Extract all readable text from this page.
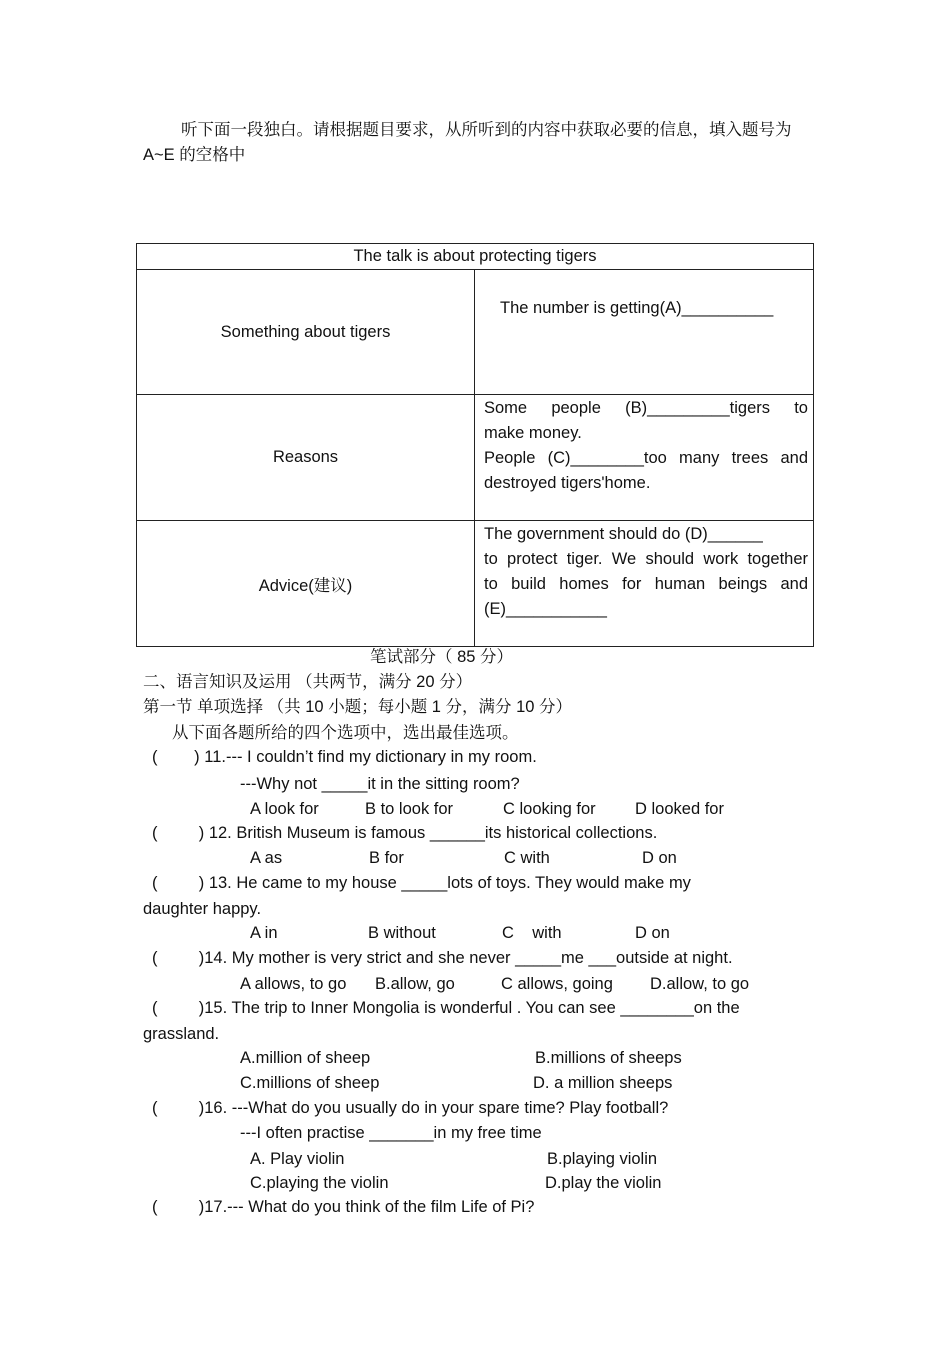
听下面一段独白。请根据题目要求，从所听到的内容中获取必要的信息，填入题号为
A~E 的空格中
The talk is about protecting tigers	
Something about tigers	The number is getting(A)__________
Reasons	Some people (B)_________tigers to
make money.
People (C)________too many trees and
destroyed tigers'home.

Advice(建议)	The government should do (D)______
to protect tiger. We should work together
to build homes for human beings and
(E)___________
笔试部分（ 85 分）
二、语言知识及运用 （共两节，满分 20 分）
第一节 单项选择 （共 10 小题；每小题 1 分，满分 10 分）
从下面各题所给的四个选项中，选出最佳选项。
(        ) 11.--- I couldn’t find my dictionary in my room.
---Why not _____it in the sitting room?
A look for	B to look for	C looking for D looked for
(         ) 12. British Museum is famous ______its historical collections.
A as	B for	C with	D on
(         ) 13. He came to my house _____lots of toys. They would make my
daughter happy.
A in	B without	C    with	D on
(         )14. My mother is very strict and she never _____me ___outside at night.
A allows, to go B.allow, go	C allows, going D.allow, to go
(         )15. The trip to Inner Mongolia is wonderful . You can see ________on the
grassland.
A.million of sheep	B.millions of sheeps
C.millions of sheep	D. a million sheeps
(         )16. ---What do you usually do in your spare time? Play football?
---I often practise _______in my free time
A. Play violin	B.playing violin
C.playing the violin	D.play the violin
(         )17.--- What do you think of the film Life of Pi?
